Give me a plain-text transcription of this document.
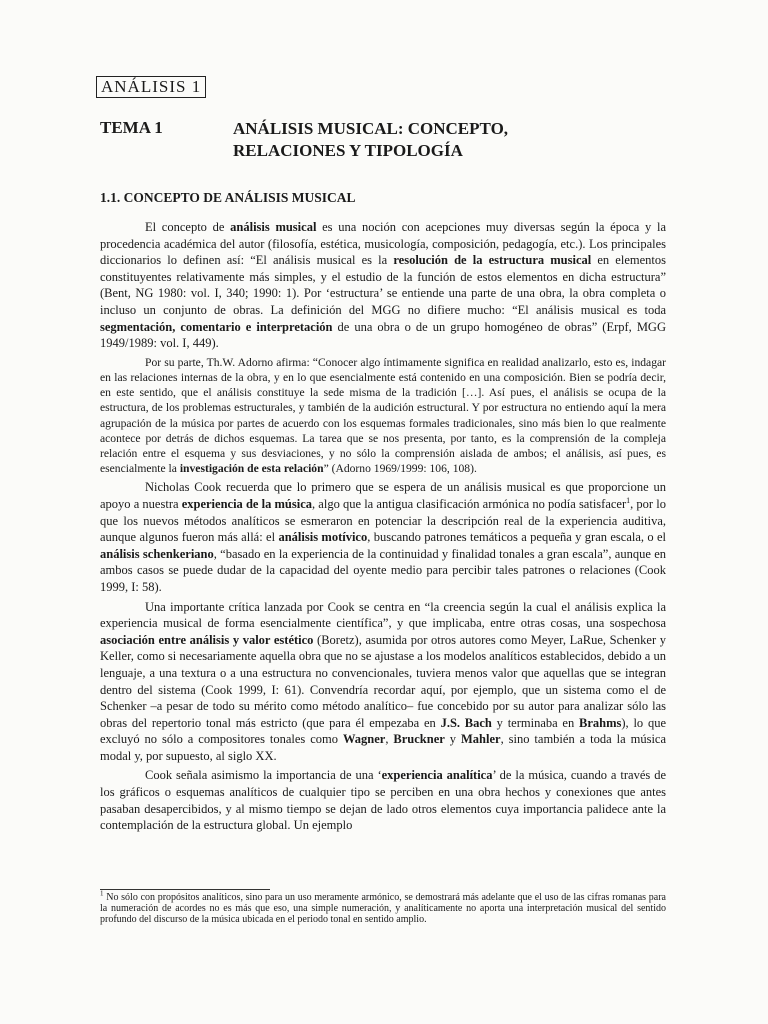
ANÁLISIS 1
TEMA 1	ANÁLISIS MUSICAL: CONCEPTO,
RELACIONES Y TIPOLOGÍA
1.1. CONCEPTO DE ANÁLISIS MUSICAL

El concepto de análisis musical es una noción con acepciones muy diversas según la época y la procedencia académica del autor (filosofía, estética, musicología, composición, pedagogía, etc.). Los principales diccionarios lo definen así: “El análisis musical es la resolución de la estructura musical en elementos constituyentes relativamente más simples, y el estudio de la función de estos elementos en dicha estructura” (Bent, NG 1980: vol. I, 340; 1990: 1). Por ‘estructura’ se entiende una parte de una obra, la obra completa o incluso un conjunto de obras. La definición del MGG no difiere mucho: “El análisis musical es toda segmentación, comentario e interpretación de una obra o de un grupo homogéneo de obras” (Erpf, MGG 1949/1989: vol. I, 449).

Por su parte, Th.W. Adorno afirma: “Conocer algo íntimamente significa en realidad analizarlo, esto es, indagar en las relaciones internas de la obra, y en lo que esencialmente está contenido en una composición. Bien se podría decir, en este sentido, que el análisis constituye la sede misma de la tradición […]. Así pues, el análisis se ocupa de la estructura, de los problemas estructurales, y también de la audición estructural. Y por estructura no entiendo aquí la mera agrupación de la música por partes de acuerdo con los esquemas formales tradicionales, sino más bien lo que realmente acontece por detrás de dichos esquemas. La tarea que se nos presenta, por tanto, es la comprensión de la compleja relación entre el esquema y sus desviaciones, y no sólo la comprensión aislada de ambos; el análisis, así pues, es esencialmente la investigación de esta relación” (Adorno 1969/1999: 106, 108).

Nicholas Cook recuerda que lo primero que se espera de un análisis musical es que proporcione un apoyo a nuestra experiencia de la música, algo que la antigua clasificación armónica no podía satisfacer$^1$, por lo que los nuevos métodos analíticos se esmeraron en potenciar la descripción real de la experiencia auditiva, aunque algunos fueron más allá: el análisis motívico, buscando patrones temáticos a pequeña y gran escala, o el análisis schenkeriano, “basado en la experiencia de la continuidad y finalidad tonales a gran escala”, aunque en ambos casos se puede dudar de la capacidad del oyente medio para percibir tales patrones o relaciones (Cook 1999, I: 58).

Una importante crítica lanzada por Cook se centra en “la creencia según la cual el análisis explica la experiencia musical de forma esencialmente científica”, y que implicaba, entre otras cosas, una sospechosa asociación entre análisis y valor estético (Boretz), asumida por otros autores como Meyer, LaRue, Schenker y Keller, como si necesariamente aquella obra que no se ajustase a los modelos analíticos establecidos, debido a un lenguaje, a una textura o a una estructura no convencionales, tuviera menos valor que aquellas que se integran dentro del sistema (Cook 1999, I: 61). Convendría recordar aquí, por ejemplo, que un sistema como el de Schenker –a pesar de todo su mérito como método analítico– fue concebido por su autor para analizar sólo las obras del repertorio tonal más estricto (que para él empezaba en J.S. Bach y terminaba en Brahms), lo que excluyó no sólo a compositores tonales como Wagner, Bruckner y Mahler, sino también a toda la música modal y, por supuesto, al siglo XX.

Cook señala asimismo la importancia de una ‘experiencia analítica’ de la música, cuando a través de los gráficos o esquemas analíticos de cualquier tipo se perciben en una obra hechos y conexiones que antes pasaban desapercibidos, y al mismo tiempo se dejan de lado otros elementos cuya importancia palidece ante la contemplación de la estructura global. Un ejemplo

$^1$ No sólo con propósitos analíticos, sino para un uso meramente armónico, se demostrará más adelante que el uso de las cifras romanas para la numeración de acordes no es más que eso, una simple numeración, y analíticamente no aporta una interpretación musical del sentido profundo del discurso de la música ubicada en el periodo tonal en sentido amplio.
